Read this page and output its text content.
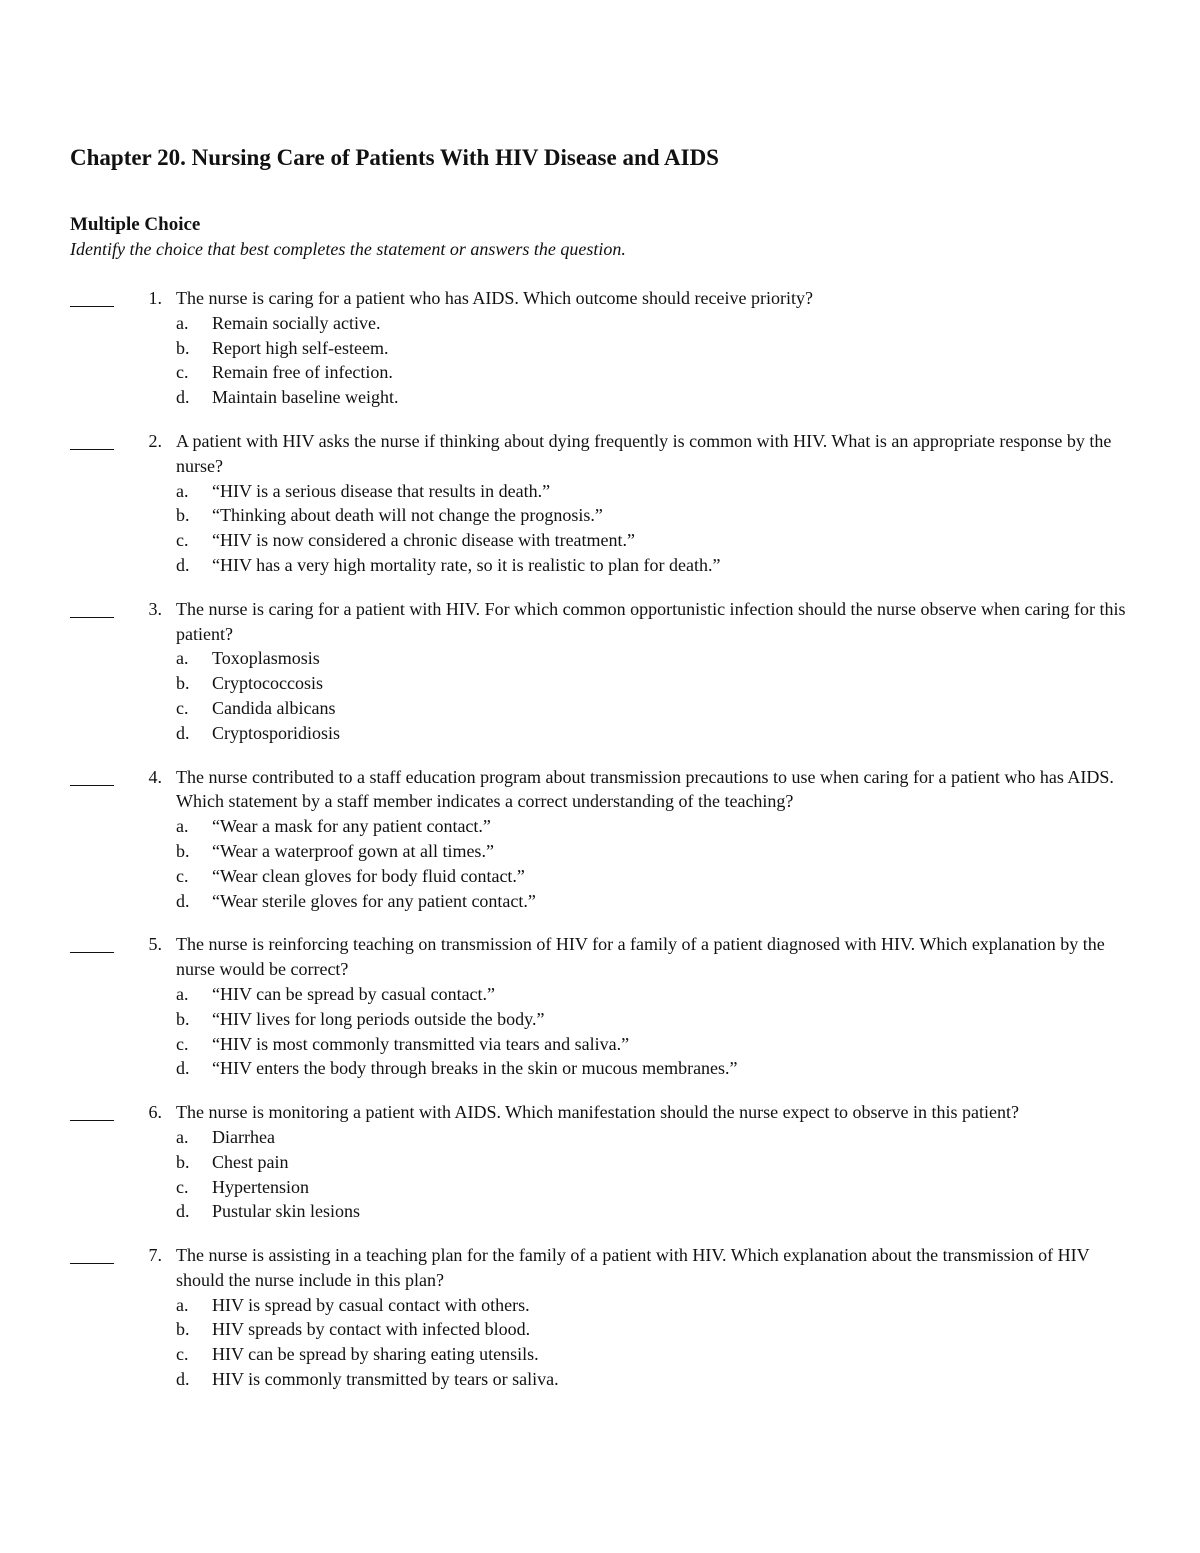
Chapter 20. Nursing Care of Patients With HIV Disease and AIDS
Multiple Choice

Identify the choice that best completes the statement or answers the question.

1. The nurse is caring for a patient who has AIDS. Which outcome should receive priority?
a. Remain socially active.
b. Report high self-esteem.
c. Remain free of infection.
d. Maintain baseline weight.
2. A patient with HIV asks the nurse if thinking about dying frequently is common with HIV. What is an appropriate response by the nurse?
a. “HIV is a serious disease that results in death.”
b. “Thinking about death will not change the prognosis.”
c. “HIV is now considered a chronic disease with treatment.”
d. “HIV has a very high mortality rate, so it is realistic to plan for death.”
3. The nurse is caring for a patient with HIV. For which common opportunistic infection should the nurse observe when caring for this patient?
a. Toxoplasmosis
b. Cryptococcosis
c. Candida albicans
d. Cryptosporidiosis
4. The nurse contributed to a staff education program about transmission precautions to use when caring for a patient who has AIDS. Which statement by a staff member indicates a correct understanding of the teaching?
a. “Wear a mask for any patient contact.”
b. “Wear a waterproof gown at all times.”
c. “Wear clean gloves for body fluid contact.”
d. “Wear sterile gloves for any patient contact.”
5. The nurse is reinforcing teaching on transmission of HIV for a family of a patient diagnosed with HIV. Which explanation by the nurse would be correct?
a. “HIV can be spread by casual contact.”
b. “HIV lives for long periods outside the body.”
c. “HIV is most commonly transmitted via tears and saliva.”
d. “HIV enters the body through breaks in the skin or mucous membranes.”
6. The nurse is monitoring a patient with AIDS. Which manifestation should the nurse expect to observe in this patient?
a. Diarrhea
b. Chest pain
c. Hypertension
d. Pustular skin lesions
7. The nurse is assisting in a teaching plan for the family of a patient with HIV. Which explanation about the transmission of HIV should the nurse include in this plan?
a. HIV is spread by casual contact with others.
b. HIV spreads by contact with infected blood.
c. HIV can be spread by sharing eating utensils.
d. HIV is commonly transmitted by tears or saliva.
